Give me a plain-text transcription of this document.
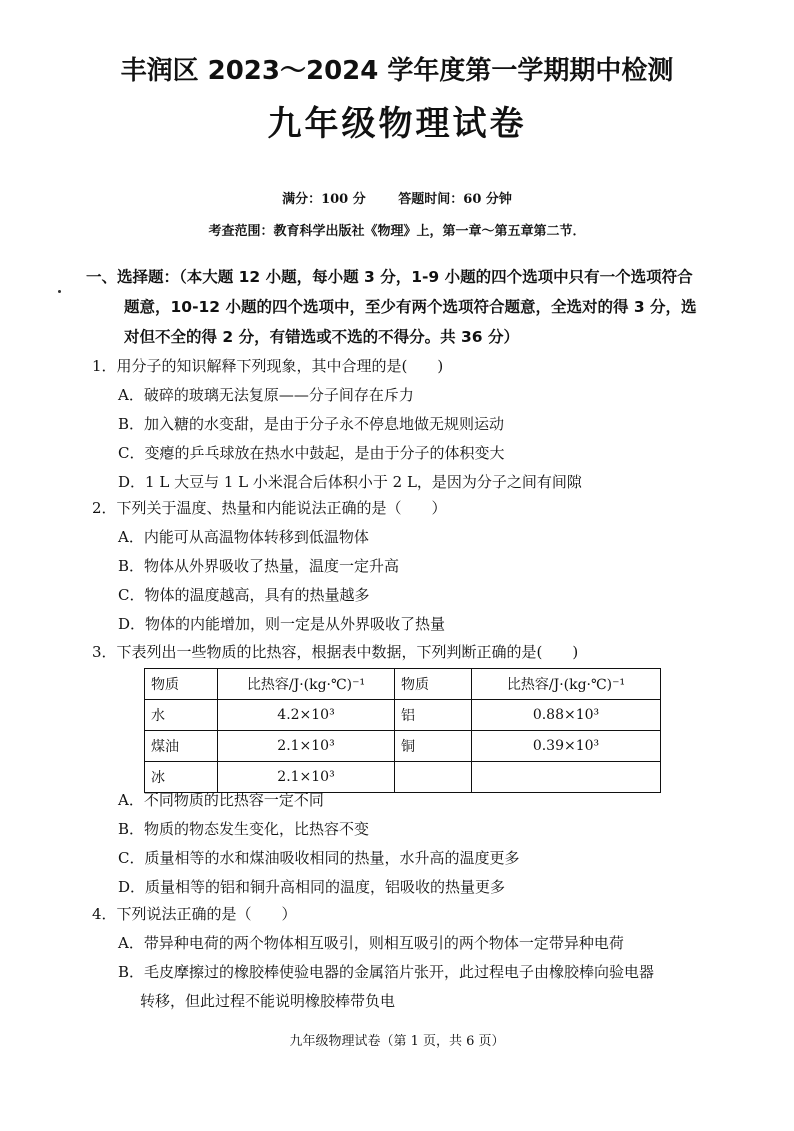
丰润区 2023～2024 学年度第一学期期中检测
九年级物理试卷
满分：100 分	答题时间：60 分钟
考查范围：教育科学出版社《物理》上，第一章～第五章第二节．
一、选择题：（本大题 12 小题，每小题 3 分，1-9 小题的四个选项中只有一个选项符合
题意，10-12 小题的四个选项中，至少有两个选项符合题意，全选对的得 3 分，选
对但不全的得 2 分，有错选或不选的不得分。共 36 分）
1．用分子的知识解释下列现象，其中合理的是(　　)
A．破碎的玻璃无法复原——分子间存在斥力
B．加入糖的水变甜，是由于分子永不停息地做无规则运动
C．变瘪的乒乓球放在热水中鼓起，是由于分子的体积变大
D．1 L 大豆与 1 L 小米混合后体积小于 2 L，是因为分子之间有间隙
2．下列关于温度、热量和内能说法正确的是（　　）
A．内能可从高温物体转移到低温物体
B．物体从外界吸收了热量，温度一定升高
C．物体的温度越高，具有的热量越多
D．物体的内能增加，则一定是从外界吸收了热量
3．下表列出一些物质的比热容，根据表中数据，下列判断正确的是(　　)
物质	比热容/J·(kg·℃)⁻¹	物质	比热容/J·(kg·℃)⁻¹
水	4.2×10³	铝	0.88×10³
煤油	2.1×10³	铜	0.39×10³
冰	2.1×10³		
A．不同物质的比热容一定不同
B．物质的物态发生变化，比热容不变
C．质量相等的水和煤油吸收相同的热量，水升高的温度更多
D．质量相等的铝和铜升高相同的温度，铝吸收的热量更多
4．下列说法正确的是（　　）
A．带异种电荷的两个物体相互吸引，则相互吸引的两个物体一定带异种电荷
B．毛皮摩擦过的橡胶棒使验电器的金属箔片张开，此过程电子由橡胶棒向验电器
转移，但此过程不能说明橡胶棒带负电
九年级物理试卷（第 1 页，共 6 页）
